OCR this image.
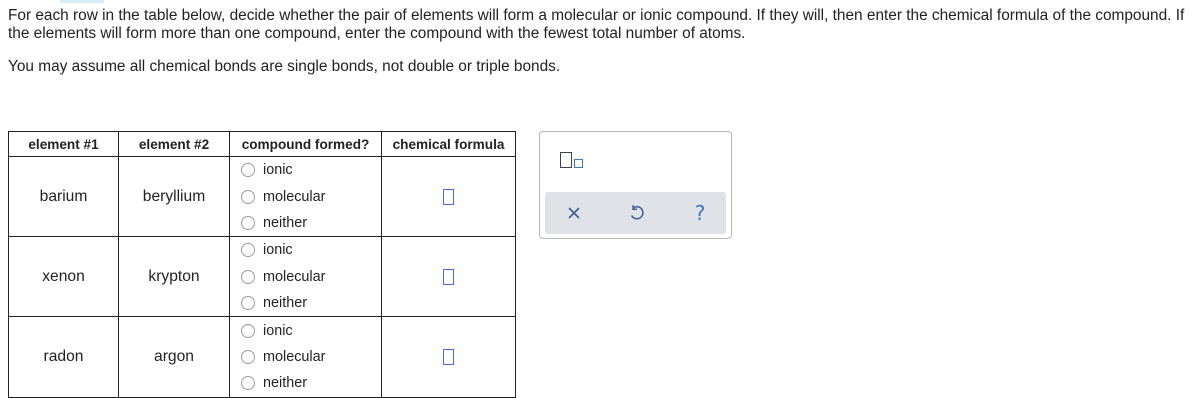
For each row in the table below, decide whether the pair of elements will form a molecular or ionic compound. If they will, then enter the chemical formula of the compound. If the elements will form more than one compound, enter the compound with the fewest total number of atoms.

You may assume all chemical bonds are single bonds, not double or triple bonds.

element #1	element #2	compound formed?	chemical formula
barium	beryllium	ionic
molecular
neither	

xenon	krypton	ionic
molecular
neither	

radon	argon	ionic
molecular
neither	

?
